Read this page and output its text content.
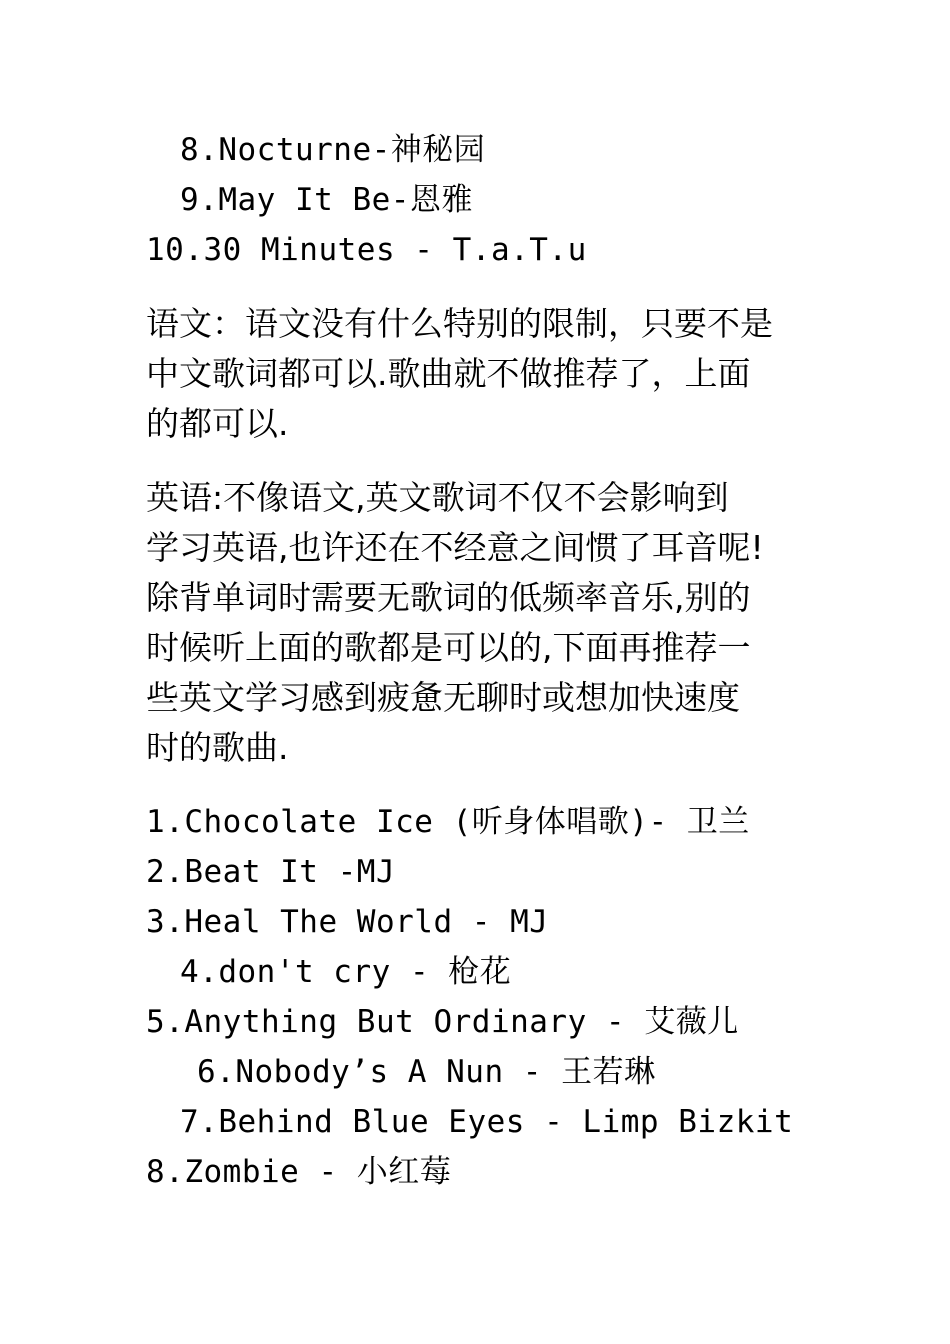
8.Nocturne-神秘园
9.May It Be-恩雅
10.30 Minutes - T.a.T.u
语文：语文没有什么特别的限制，只要不是
中文歌词都可以.歌曲就不做推荐了，上面
的都可以.
英语:不像语文,英文歌词不仅不会影响到
学习英语,也许还在不经意之间惯了耳音呢!
除背单词时需要无歌词的低频率音乐,别的
时候听上面的歌都是可以的,下面再推荐一
些英文学习感到疲惫无聊时或想加快速度
时的歌曲.
1.Chocolate Ice (听身体唱歌)- 卫兰
2.Beat It -MJ
3.Heal The World - MJ
4.don't cry - 枪花
5.Anything But Ordinary - 艾薇儿
6.Nobody’s A Nun - 王若琳
7.Behind Blue Eyes - Limp Bizkit
8.Zombie - 小红莓
